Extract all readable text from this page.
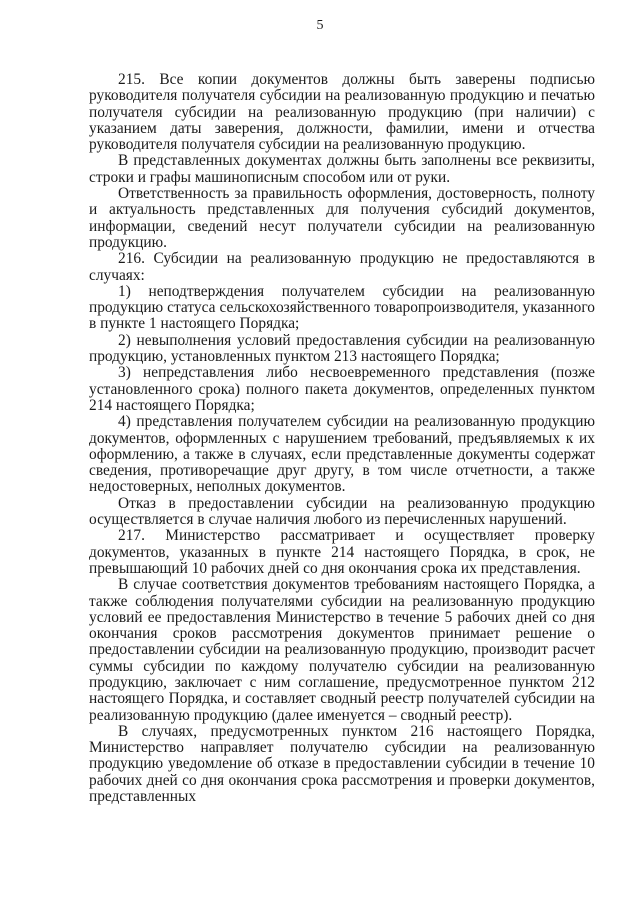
5

215. Все копии документов должны быть заверены подписью руководителя получателя субсидии на реализованную продукцию и печатью получателя субсидии на реализованную продукцию (при наличии) с указанием даты заверения, должности, фамилии, имени и отчества руководителя получателя субсидии на реализованную продукцию.

В представленных документах должны быть заполнены все реквизиты, строки и графы машинописным способом или от руки.

Ответственность за правильность оформления, достоверность, полноту и актуальность представленных для получения субсидий документов, информации, сведений несут получатели субсидии на реализованную продукцию.

216. Субсидии на реализованную продукцию не предоставляются в случаях:

1) неподтверждения получателем субсидии на реализованную продукцию статуса сельскохозяйственного товаропроизводителя, указанного в пункте 1 настоящего Порядка;

2) невыполнения условий предоставления субсидии на реализованную продукцию, установленных пунктом 213 настоящего Порядка;

3) непредставления либо несвоевременного представления (позже установленного срока) полного пакета документов, определенных пунктом 214 настоящего Порядка;

4) представления получателем субсидии на реализованную продукцию документов, оформленных с нарушением требований, предъявляемых к их оформлению, а также в случаях, если представленные документы содержат сведения, противоречащие друг другу, в том числе отчетности, а также недостоверных, неполных документов.

Отказ в предоставлении субсидии на реализованную продукцию осуществляется в случае наличия любого из перечисленных нарушений.

217. Министерство рассматривает и осуществляет проверку документов, указанных в пункте 214 настоящего Порядка, в срок, не превышающий 10 рабочих дней со дня окончания срока их представления.

В случае соответствия документов требованиям настоящего Порядка, а также соблюдения получателями субсидии на реализованную продукцию условий ее предоставления Министерство в течение 5 рабочих дней со дня окончания сроков рассмотрения документов принимает решение о предоставлении субсидии на реализованную продукцию, производит расчет суммы субсидии по каждому получателю субсидии на реализованную продукцию, заключает с ним соглашение, предусмотренное пунктом 212 настоящего Порядка, и составляет сводный реестр получателей субсидии на реализованную продукцию (далее именуется – сводный реестр).

В случаях, предусмотренных пунктом 216 настоящего Порядка, Министерство направляет получателю субсидии на реализованную продукцию уведомление об отказе в предоставлении субсидии в течение 10 рабочих дней со дня окончания срока рассмотрения и проверки документов, представленных
